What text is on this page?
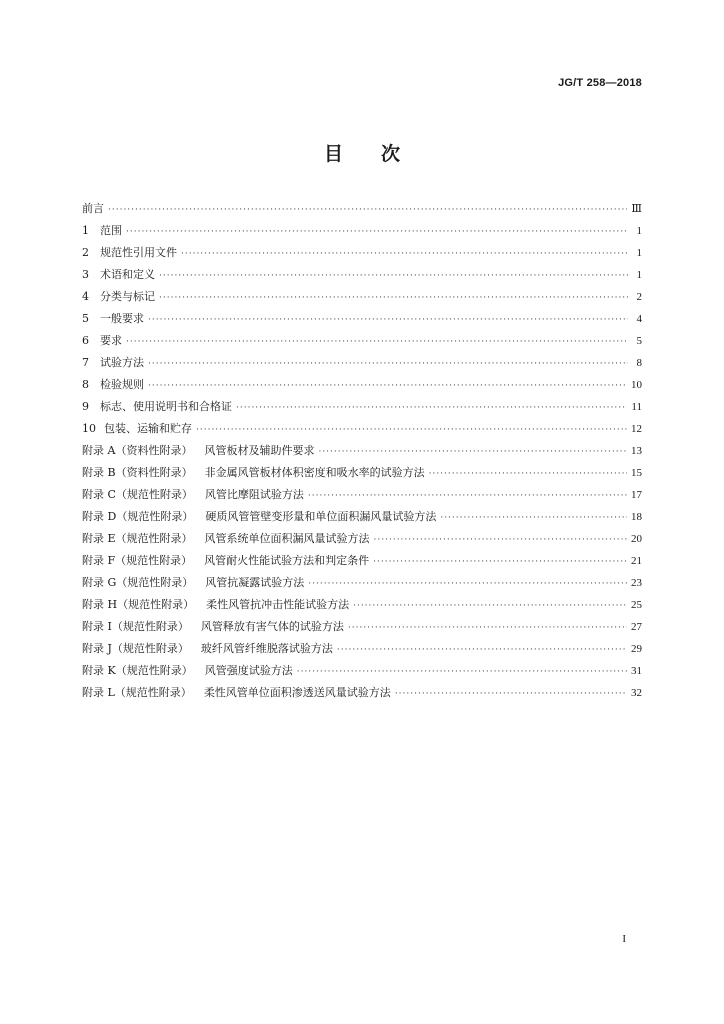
JG/T 258—2018
目 次
前言 ·····	Ⅲ
1	范围 ·····	1
2	规范性引用文件 ·····	1
3	术语和定义 ·····	1
4	分类与标记 ·····	2
5	一般要求 ·····	4
6	要求 ·····	5
7	试验方法 ·····	8
8	检验规则 ·····	10
9	标志、使用说明书和合格证 ·····	11
10 包装、运输和贮存 ·····	12
附录 A（资料性附录） 风管板材及辅助件要求 ·····	13
附录 B（资料性附录） 非金属风管板材体积密度和吸水率的试验方法 ·····	15
附录 C（规范性附录） 风管比摩阻试验方法 ·····	17
附录 D（规范性附录） 硬质风管管壁变形量和单位面积漏风量试验方法 ·····	18
附录 E（规范性附录） 风管系统单位面积漏风量试验方法 ·····	20
附录 F（规范性附录） 风管耐火性能试验方法和判定条件 ·····	21
附录 G（规范性附录） 风管抗凝露试验方法 ·····	23
附录 H（规范性附录） 柔性风管抗冲击性能试验方法 ·····	25
附录 I（规范性附录） 风管释放有害气体的试验方法 ·····	27
附录 J（规范性附录） 玻纤风管纤维脱落试验方法 ·····	29
附录 K（规范性附录） 风管强度试验方法 ·····	31
附录 L（规范性附录） 柔性风管单位面积渗透送风量试验方法 ·····	32
I
